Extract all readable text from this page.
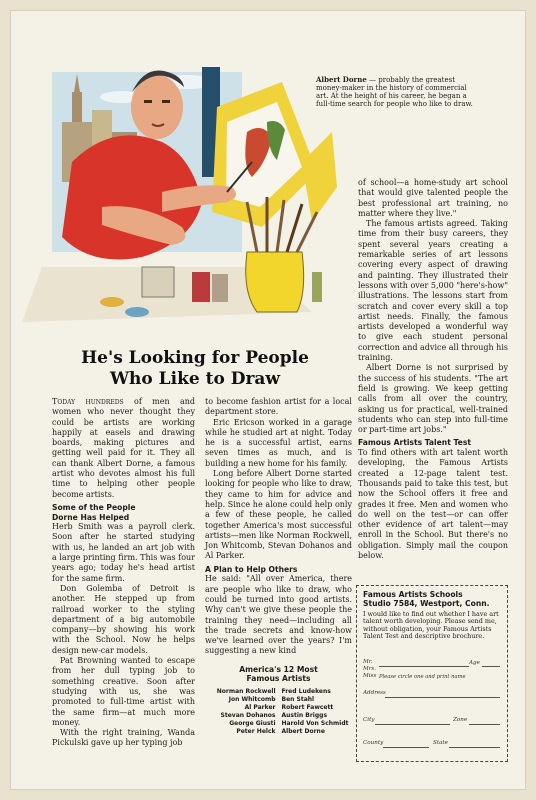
Albert Dorne — probably the greatest money-maker in the history of commercial art. At the height of his career, he began a full-time search for people who like to draw.
He's Looking for People
Who Like to Draw

Today hundreds of men and women who never thought they could be artists are working happily at easels and drawing boards, making pictures and getting well paid for it. They all can thank Albert Dorne, a famous artist who devotes almost his full time to helping other people become artists.

Some of the People
Dorne Has Helped

Herb Smith was a payroll clerk. Soon after he started studying with us, he landed an art job with a large printing firm. This was four years ago; today he's head artist for the same firm.

Don Golemba of Detroit is another. He stepped up from railroad worker to the styling department of a big automobile company—by showing his work with the School. Now he helps design new-car models.

Pat Browning wanted to escape from her dull typing job to something creative. Soon after studying with us, she was promoted to full-time artist with the same firm—at much more money.

With the right training, Wanda Pickulski gave up her typing job

to become fashion artist for a local department store.

Eric Ericson worked in a garage while he studied art at night. Today he is a successful artist, earns seven times as much, and is building a new home for his family.

Long before Albert Dorne started looking for people who like to draw, they came to him for advice and help. Since he alone could help only a few of these people, he called together America's most successful artists—men like Norman Rockwell, Jon Whitcomb, Stevan Dohanos and Al Parker.

A Plan to Help Others

He said: "All over America, there are people who like to draw, who could be turned into good artists. Why can't we give these people the training they need—including all the trade secrets and know-how we've learned over the years? I'm suggesting a new kind

America's 12 Most
Famous Artists
Norman Rockwell Fred Ludekens
Jon Whitcomb Ben Stahl
Al Parker Robert Fawcett
Stevan Dohanos Austin Briggs
George Giusti Harold Von Schmidt
Peter Helck Albert Dorne

of school—a home-study art school that would give talented people the best professional art training, no matter where they live."

The famous artists agreed. Taking time from their busy careers, they spent several years creating a remarkable series of art lessons covering every aspect of drawing and painting. They illustrated their lessons with over 5,000 "here's-how" illustrations. The lessons start from scratch and cover every skill a top artist needs. Finally, the famous artists developed a wonderful way to give each student personal correction and advice all through his training.

Albert Dorne is not surprised by the success of his students. "The art field is growing. We keep getting calls from all over the country, asking us for practical, well-trained students who can step into full-time or part-time art jobs."

Famous Artists Talent Test

To find others with art talent worth developing, the Famous Artists created a 12-page talent test. Thousands paid to take this test, but now the School offers it free and grades it free. Men and women who do well on the test—or can offer other evidence of art talent—may enroll in the School. But there's no obligation. Simply mail the coupon below.

Famous Artists Schools
Studio 7584, Westport, Conn.
I would like to find out whether I have art talent worth developing. Please send me, without obligation, your Famous Artists Talent Test and descriptive brochure.
Mr.
Mrs.
Miss
Age
Please circle one and print name
Address
City	Zone
County	State
